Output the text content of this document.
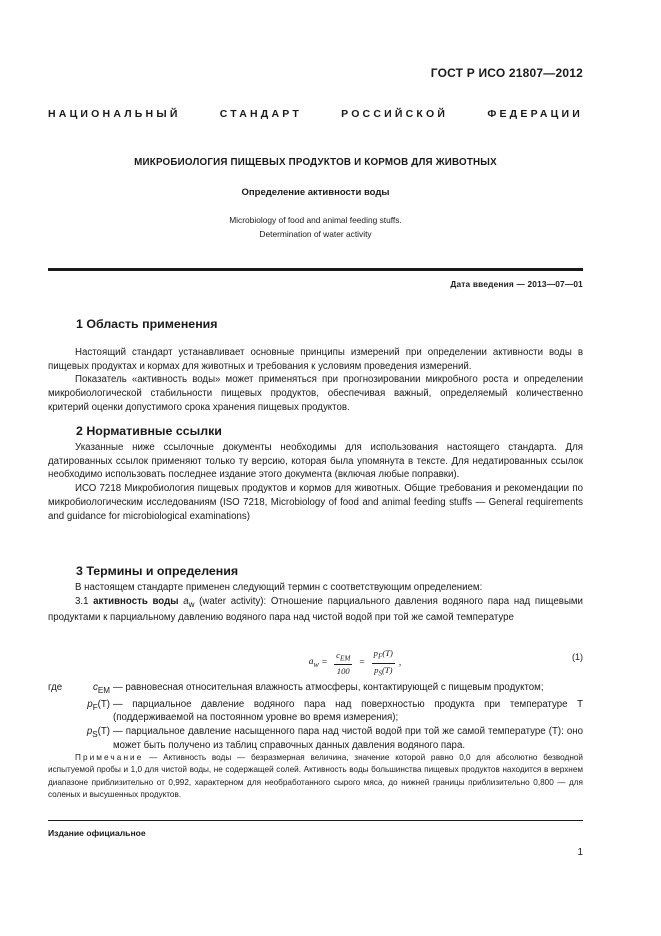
ГОСТ Р ИСО 21807—2012
НАЦИОНАЛЬНЫЙ СТАНДАРТ РОССИЙСКОЙ ФЕДЕРАЦИИ
МИКРОБИОЛОГИЯ ПИЩЕВЫХ ПРОДУКТОВ И КОРМОВ ДЛЯ ЖИВОТНЫХ
Определение активности воды
Microbiology of food and animal feeding stuffs.
Determination of water activity
Дата введения — 2013—07—01
1 Область применения

Настоящий стандарт устанавливает основные принципы измерений при определении активности воды в пищевых продуктах и кормах для животных и требования к условиям проведения измерений.

Показатель «активность воды» может применяться при прогнозировании микробного роста и определении микробиологической стабильности пищевых продуктов, обеспечивая важный, определяемый количественно критерий оценки допустимого срока хранения пищевых продуктов.

2 Нормативные ссылки

Указанные ниже ссылочные документы необходимы для использования настоящего стандарта. Для датированных ссылок применяют только ту версию, которая была упомянута в тексте. Для недатированных ссылок необходимо использовать последнее издание этого документа (включая любые поправки).

ИСО 7218 Микробиология пищевых продуктов и кормов для животных. Общие требования и рекомендации по микробиологическим исследованиям (ISO 7218, Microbiology of food and animal feeding stuffs — General requirements and guidance for microbiological examinations)

3 Термины и определения

В настоящем стандарте применен следующий термин с соответствующим определением:

3.1 активность воды $a_w$ (water activity): Отношение парциального давления водяного пара над пищевыми продуктами к парциальному давлению водяного пара над чистой водой при той же самой температуре

$a_w = \frac{c_{EM}}{100} = \frac{p_F(T)}{p_S(T)}$ ,
(1)
где	$c_{EM}$ — равновесная относительная влажность атмосферы, контактирующей с пищевым продуктом;
$p_F(T)$ — парциальное давление водяного пара над поверхностью продукта при температуре T (поддерживаемой на постоянном уровне во время измерения);
$p_S(T)$ — парциальное давление насыщенного пара над чистой водой при той же самой температуре (T): оно может быть получено из таблиц справочных данных давления водяного пара.
Примечание — Активность воды — безразмерная величина, значение которой равно 0,0 для абсолютно безводной испытуемой пробы и 1,0 для чистой воды, не содержащей солей. Активность воды большинства пищевых продуктов находится в верхнем диапазоне приблизительно от 0,992, характерном для необработанного сырого мяса, до нижней границы приблизительно 0,800 — для соленых и высушенных продуктов.
Издание официальное
1
